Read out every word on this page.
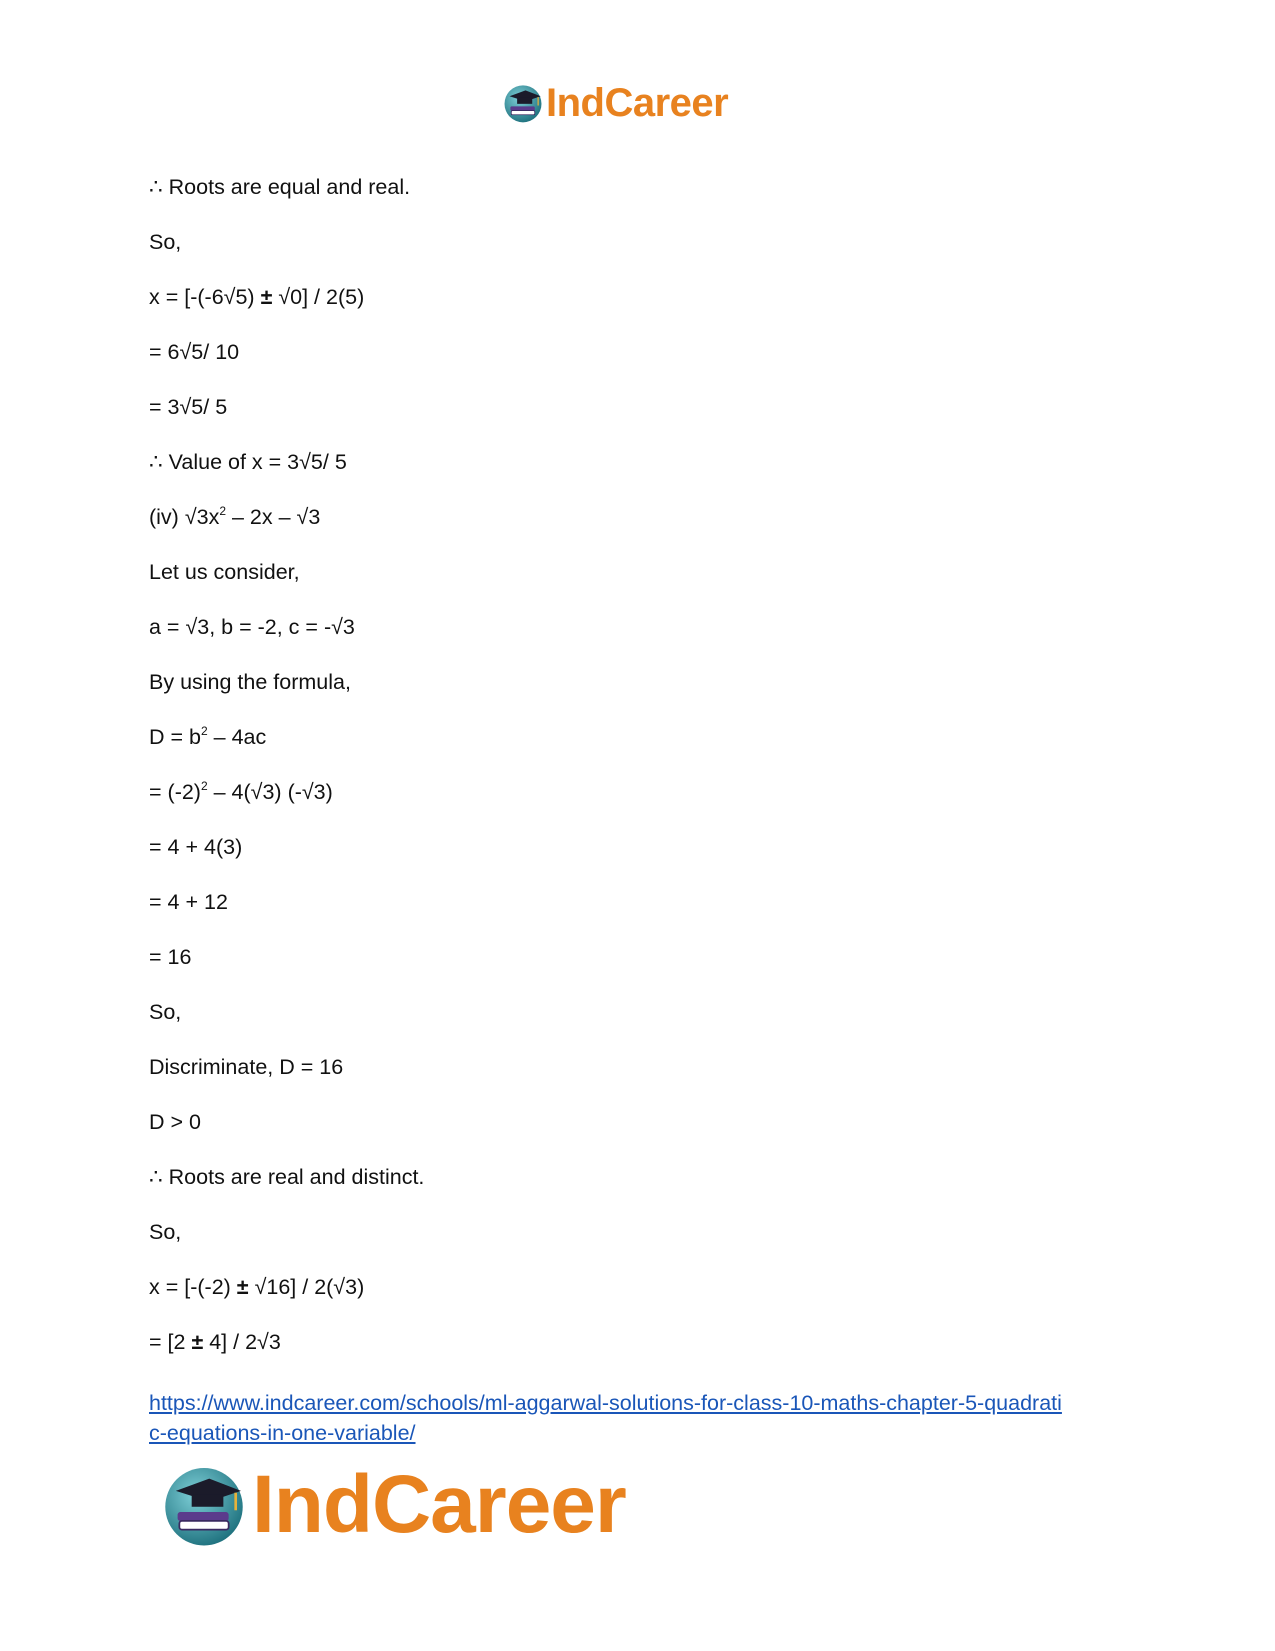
IndCareer
∴ Roots are equal and real.
So,
x = [-(-6√5) ± √0] / 2(5)
= 6√5/ 10
= 3√5/ 5
∴ Value of x = 3√5/ 5
(iv) $√3x^2 - 2x - √3$
Let us consider,
a = √3, b = -2, c = -√3
By using the formula,
$D = b^2 - 4ac$
= $(-2)^2 - 4(√3)$ (-√3)
= 4 + 4(3)
= 4 + 12
= 16
So,
Discriminate, D = 16
D > 0
∴ Roots are real and distinct.
So,
x = [-(-2) ± √16] / 2(√3)
= [2 ± 4] / 2√3
https://www.indcareer.com/schools/ml-aggarwal-solutions-for-class-10-maths-chapter-5-quadrati
c-equations-in-one-variable/
IndCareer
